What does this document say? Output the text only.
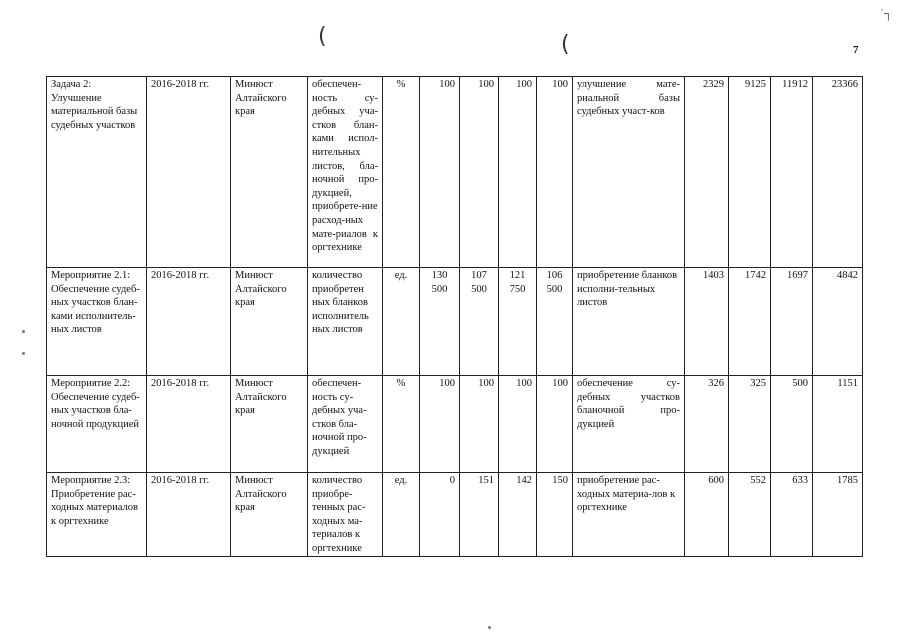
(	(
˙┐
7
Задача 2: Улучшение материальной базы судебных участков	2016-2018 гг.	Минюст Алтайского края	обеспечен-ность су-дебных уча-стков блан-ками испол-нительных листов, бла-ночной про-дукцией, приобрете-ние расход-ных мате-риалов к оргтехнике	%	100	100	100	100	улучшение мате-риальной базы судебных участ-ков	2329	9125	11912	23366
Мероприятие 2.1: Обеспечение судеб-ных участков блан-ками исполнитель-ных листов	2016-2018 гг.	Минюст Алтайского края	количество приобретен ных бланков исполнитель ных листов	ед.	130 500	107 500	121 750	106 500	приобретение бланков исполни-тельных листов	1403	1742	1697	4842
Мероприятие 2.2: Обеспечение судеб-ных участков бла-ночной продукцией	2016-2018 гг.	Минюст Алтайского края	обеспечен-ность су-дебных уча-стков бла-ночной про-дукцией	%	100	100	100	100	обеспечение су-дебных участков бланочной про-дукцией	326	325	500	1151
Мероприятие 2.3: Приобретение рас-ходных материалов к оргтехнике	2016-2018 гг.	Минюст Алтайского края	количество приобре-тенных рас-ходных ма-териалов к оргтехнике	ед.	0	151	142	150	приобретение рас-ходных материа-лов к оргтехнике	600	552	633	1785
